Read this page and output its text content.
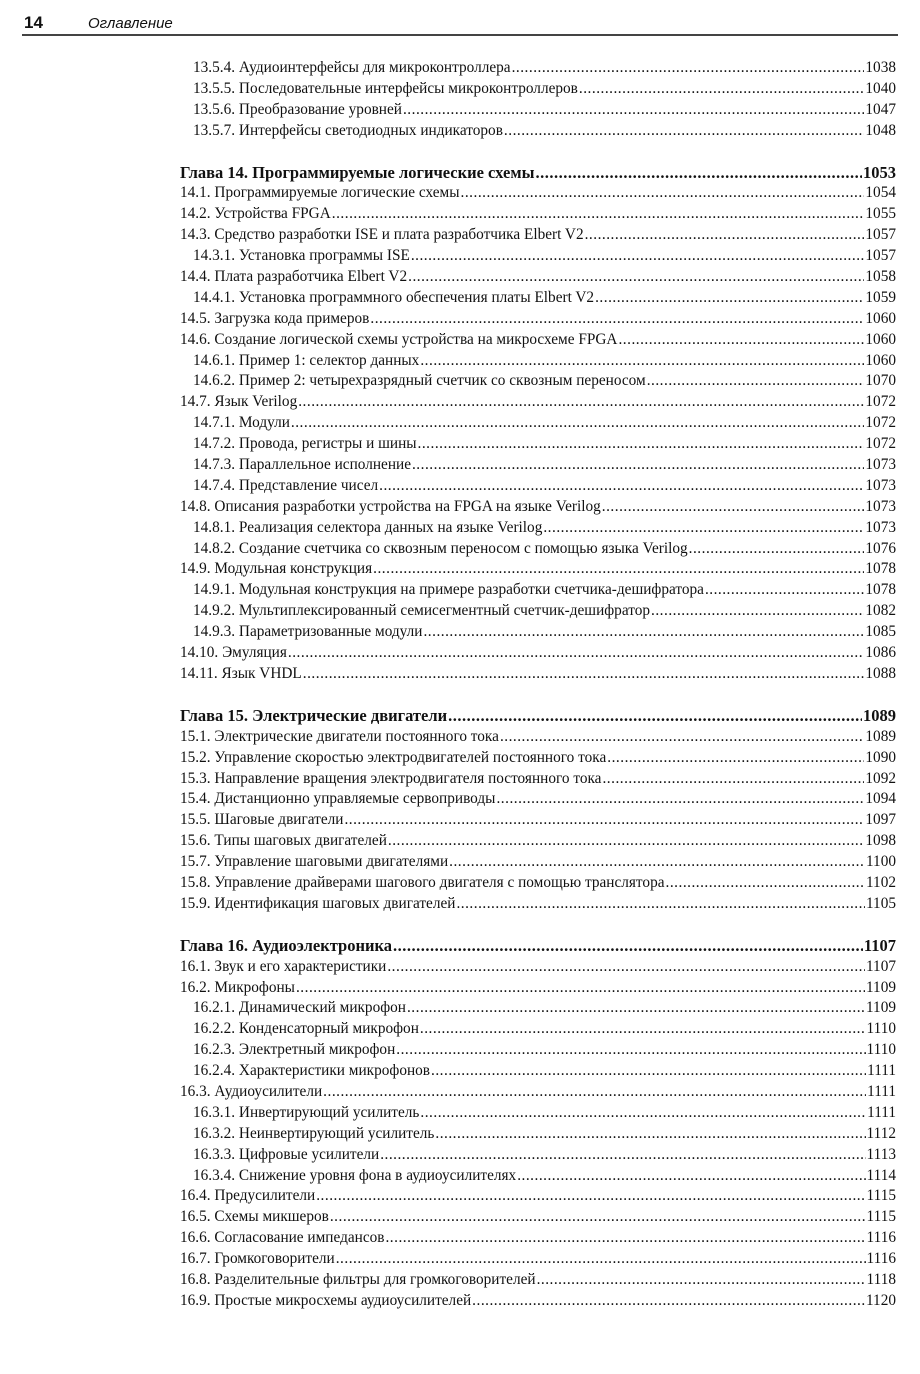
14	Оглавление
13.5.4. Аудиоинтерфейсы для микроконтроллера .....	1038
13.5.5. Последовательные интерфейсы микроконтроллеров .....	1040
13.5.6. Преобразование уровней .....	1047
13.5.7. Интерфейсы светодиодных индикаторов .....	1048
Глава 14. Программируемые логические схемы .....	1053
14.1. Программируемые логические схемы .....	1054
14.2. Устройства FPGA .....	1055
14.3. Средство разработки ISE и плата разработчика Elbert V2 .....	1057
14.3.1. Установка программы ISE .....	1057
14.4. Плата разработчика Elbert V2 .....	1058
14.4.1. Установка программного обеспечения платы Elbert V2 .....	1059
14.5. Загрузка кода примеров .....	1060
14.6. Создание логической схемы устройства на микросхеме FPGA .....	1060
14.6.1. Пример 1: селектор данных .....	1060
14.6.2. Пример 2: четырехразрядный счетчик со сквозным переносом .....	1070
14.7. Язык Verilog .....	1072
14.7.1. Модули .....	1072
14.7.2. Провода, регистры и шины .....	1072
14.7.3. Параллельное исполнение .....	1073
14.7.4. Представление чисел .....	1073
14.8. Описания разработки устройства на FPGA на языке Verilog .....	1073
14.8.1. Реализация селектора данных на языке Verilog .....	1073
14.8.2. Создание счетчика со сквозным переносом с помощью языка Verilog .....	1076
14.9. Модульная конструкция .....	1078
14.9.1. Модульная конструкция на примере разработки счетчика-дешифратора .....	1078
14.9.2. Мультиплексированный семисегментный счетчик-дешифратор .....	1082
14.9.3. Параметризованные модули .....	1085
14.10. Эмуляция .....	1086
14.11. Язык VHDL .....	1088
Глава 15. Электрические двигатели .....	1089
15.1. Электрические двигатели постоянного тока .....	1089
15.2. Управление скоростью электродвигателей постоянного тока .....	1090
15.3. Направление вращения электродвигателя постоянного тока .....	1092
15.4. Дистанционно управляемые сервоприводы .....	1094
15.5. Шаговые двигатели .....	1097
15.6. Типы шаговых двигателей .....	1098
15.7. Управление шаговыми двигателями .....	1100
15.8. Управление драйверами шагового двигателя с помощью транслятора .....	1102
15.9. Идентификация шаговых двигателей .....	1105
Глава 16. Аудиоэлектроника .....	1107
16.1. Звук и его характеристики .....	1107
16.2. Микрофоны .....	1109
16.2.1. Динамический микрофон .....	1109
16.2.2. Конденсаторный микрофон .....	1110
16.2.3. Электретный микрофон .....	1110
16.2.4. Характеристики микрофонов .....	1111
16.3. Аудиоусилители .....	1111
16.3.1. Инвертирующий усилитель .....	1111
16.3.2. Неинвертирующий усилитель .....	1112
16.3.3. Цифровые усилители .....	1113
16.3.4. Снижение уровня фона в аудиоусилителях .....	1114
16.4. Предусилители .....	1115
16.5. Схемы микшеров .....	1115
16.6. Согласование импедансов .....	1116
16.7. Громкоговорители .....	1116
16.8. Разделительные фильтры для громкоговорителей .....	1118
16.9. Простые микросхемы аудиоусилителей .....	1120
